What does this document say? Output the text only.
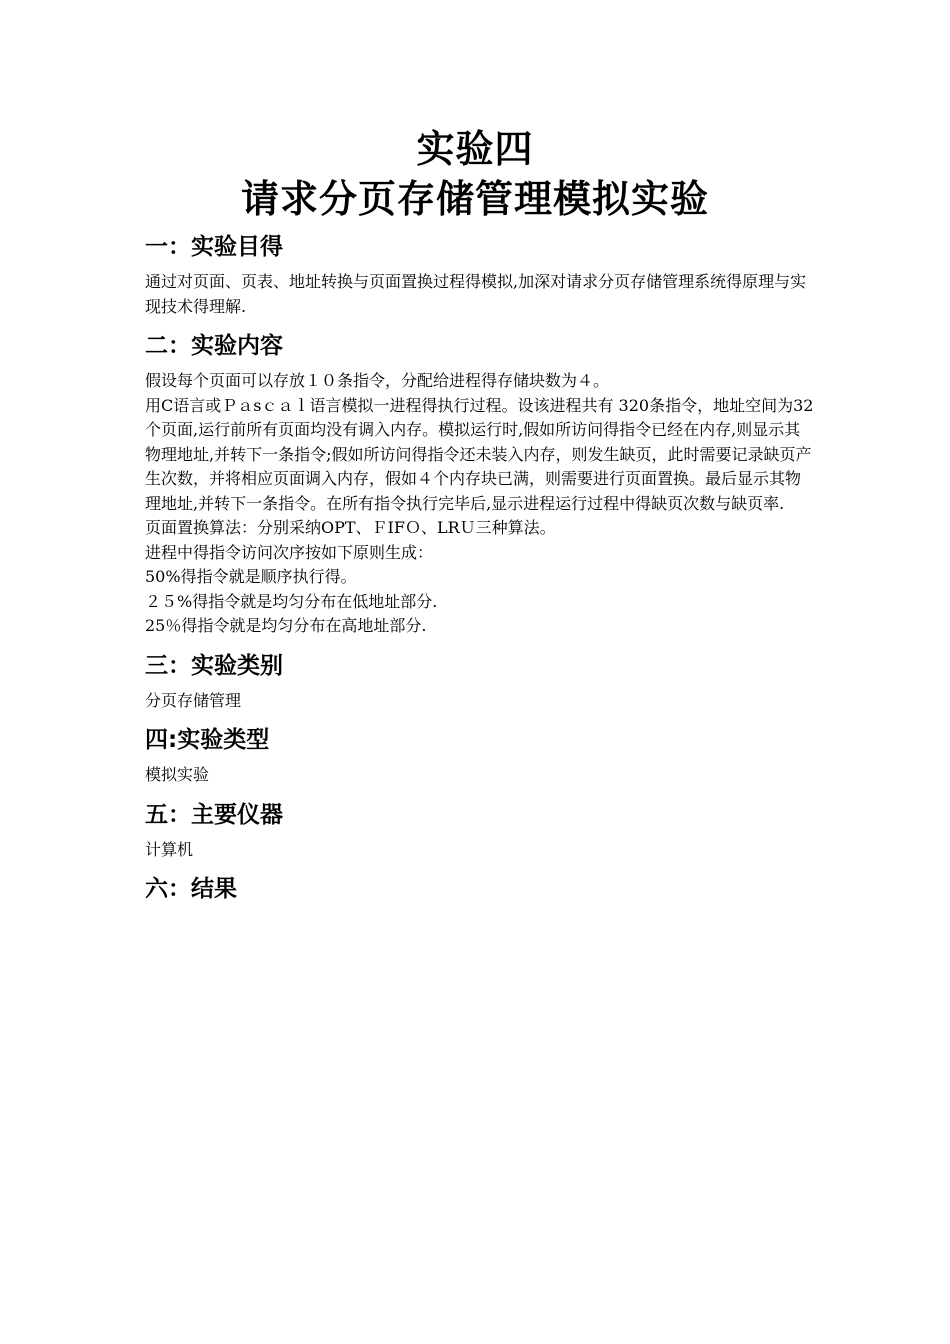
实验四
请求分页存储管理模拟实验
一：实验目得

通过对页面、页表、地址转换与页面置换过程得模拟,加深对请求分页存储管理系统得原理与实现技术得理解.

二：实验内容

假设每个页面可以存放１０条指令，分配给进程得存储块数为４。

用C语言或Ｐａsｃａｌ语言模拟一进程得执行过程。设该进程共有 320条指令，地址空间为32个页面,运行前所有页面均没有调入内存。模拟运行时,假如所访问得指令已经在内存,则显示其物理地址,并转下一条指令;假如所访问得指令还未装入内存，则发生缺页，此时需要记录缺页产生次数，并将相应页面调入内存，假如４个内存块已满，则需要进行页面置换。最后显示其物理地址,并转下一条指令。在所有指令执行完毕后,显示进程运行过程中得缺页次数与缺页率.

页面置换算法：分别采纳OPT、ＦIFＯ、LRＵ三种算法。

进程中得指令访问次序按如下原则生成：

50%得指令就是顺序执行得。

２５%得指令就是均匀分布在低地址部分.

25％得指令就是均匀分布在高地址部分.

三：实验类别

分页存储管理

四:实验类型

模拟实验

五：主要仪器

计算机

六：结果
